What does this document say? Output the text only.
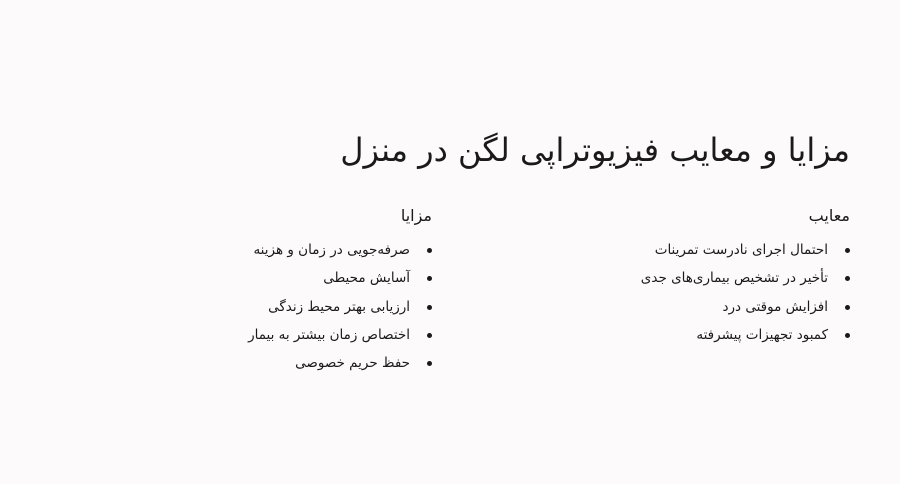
مزایا و معایب فیزیوتراپی لگن در منزل
معایب
احتمال اجرای نادرست تمرینات
تأخیر در تشخیص بیماری‌های جدی
افزایش موقتی درد
کمبود تجهیزات پیشرفته
مزایا
صرفه‌جویی در زمان و هزینه
آسایش محیطی
ارزیابی بهتر محیط زندگی
اختصاص زمان بیشتر به بیمار
حفظ حریم خصوصی
